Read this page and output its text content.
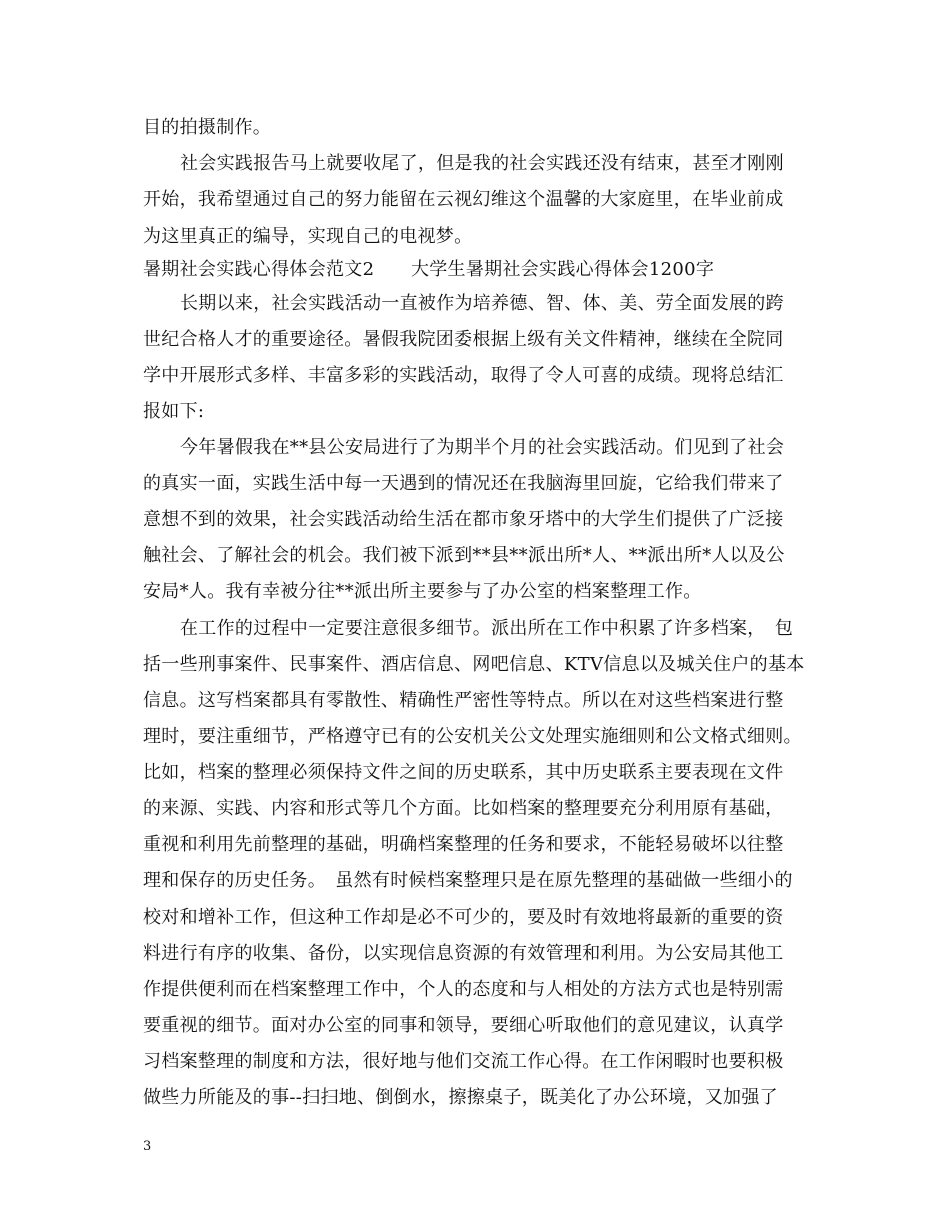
目的拍摄制作。
社会实践报告马上就要收尾了，但是我的社会实践还没有结束，甚至才刚刚
开始，我希望通过自己的努力能留在云视幻维这个温馨的大家庭里，在毕业前成
为这里真正的编导，实现自己的电视梦。
暑期社会实践心得体会范文2　　大学生暑期社会实践心得体会1200字
长期以来，社会实践活动一直被作为培养德、智、体、美、劳全面发展的跨
世纪合格人才的重要途径。暑假我院团委根据上级有关文件精神，继续在全院同
学中开展形式多样、丰富多彩的实践活动，取得了令人可喜的成绩。现将总结汇
报如下:
今年暑假我在**县公安局进行了为期半个月的社会实践活动。们见到了社会
的真实一面，实践生活中每一天遇到的情况还在我脑海里回旋，它给我们带来了
意想不到的效果，社会实践活动给生活在都市象牙塔中的大学生们提供了广泛接
触社会、了解社会的机会。我们被下派到**县**派出所*人、**派出所*人以及公
安局*人。我有幸被分往**派出所主要参与了办公室的档案整理工作。
在工作的过程中一定要注意很多细节。派出所在工作中积累了许多档案，　包
括一些刑事案件、民事案件、酒店信息、网吧信息、KTV信息以及城关住户的基本
信息。这写档案都具有零散性、精确性严密性等特点。所以在对这些档案进行整
理时，要注重细节，严格遵守已有的公安机关公文处理实施细则和公文格式细则。
比如，档案的整理必须保持文件之间的历史联系，其中历史联系主要表现在文件
的来源、实践、内容和形式等几个方面。比如档案的整理要充分利用原有基础，
重视和利用先前整理的基础，明确档案整理的任务和要求，不能轻易破坏以往整
理和保存的历史任务。　虽然有时候档案整理只是在原先整理的基础做一些细小的
校对和增补工作，但这种工作却是必不可少的，要及时有效地将最新的重要的资
料进行有序的收集、备份，以实现信息资源的有效管理和利用。为公安局其他工
作提供便利而在档案整理工作中，个人的态度和与人相处的方法方式也是特别需
要重视的细节。面对办公室的同事和领导，要细心听取他们的意见建议，认真学
习档案整理的制度和方法，很好地与他们交流工作心得。在工作闲暇时也要积极
做些力所能及的事--扫扫地、倒倒水，擦擦桌子，既美化了办公环境，又加强了
3
